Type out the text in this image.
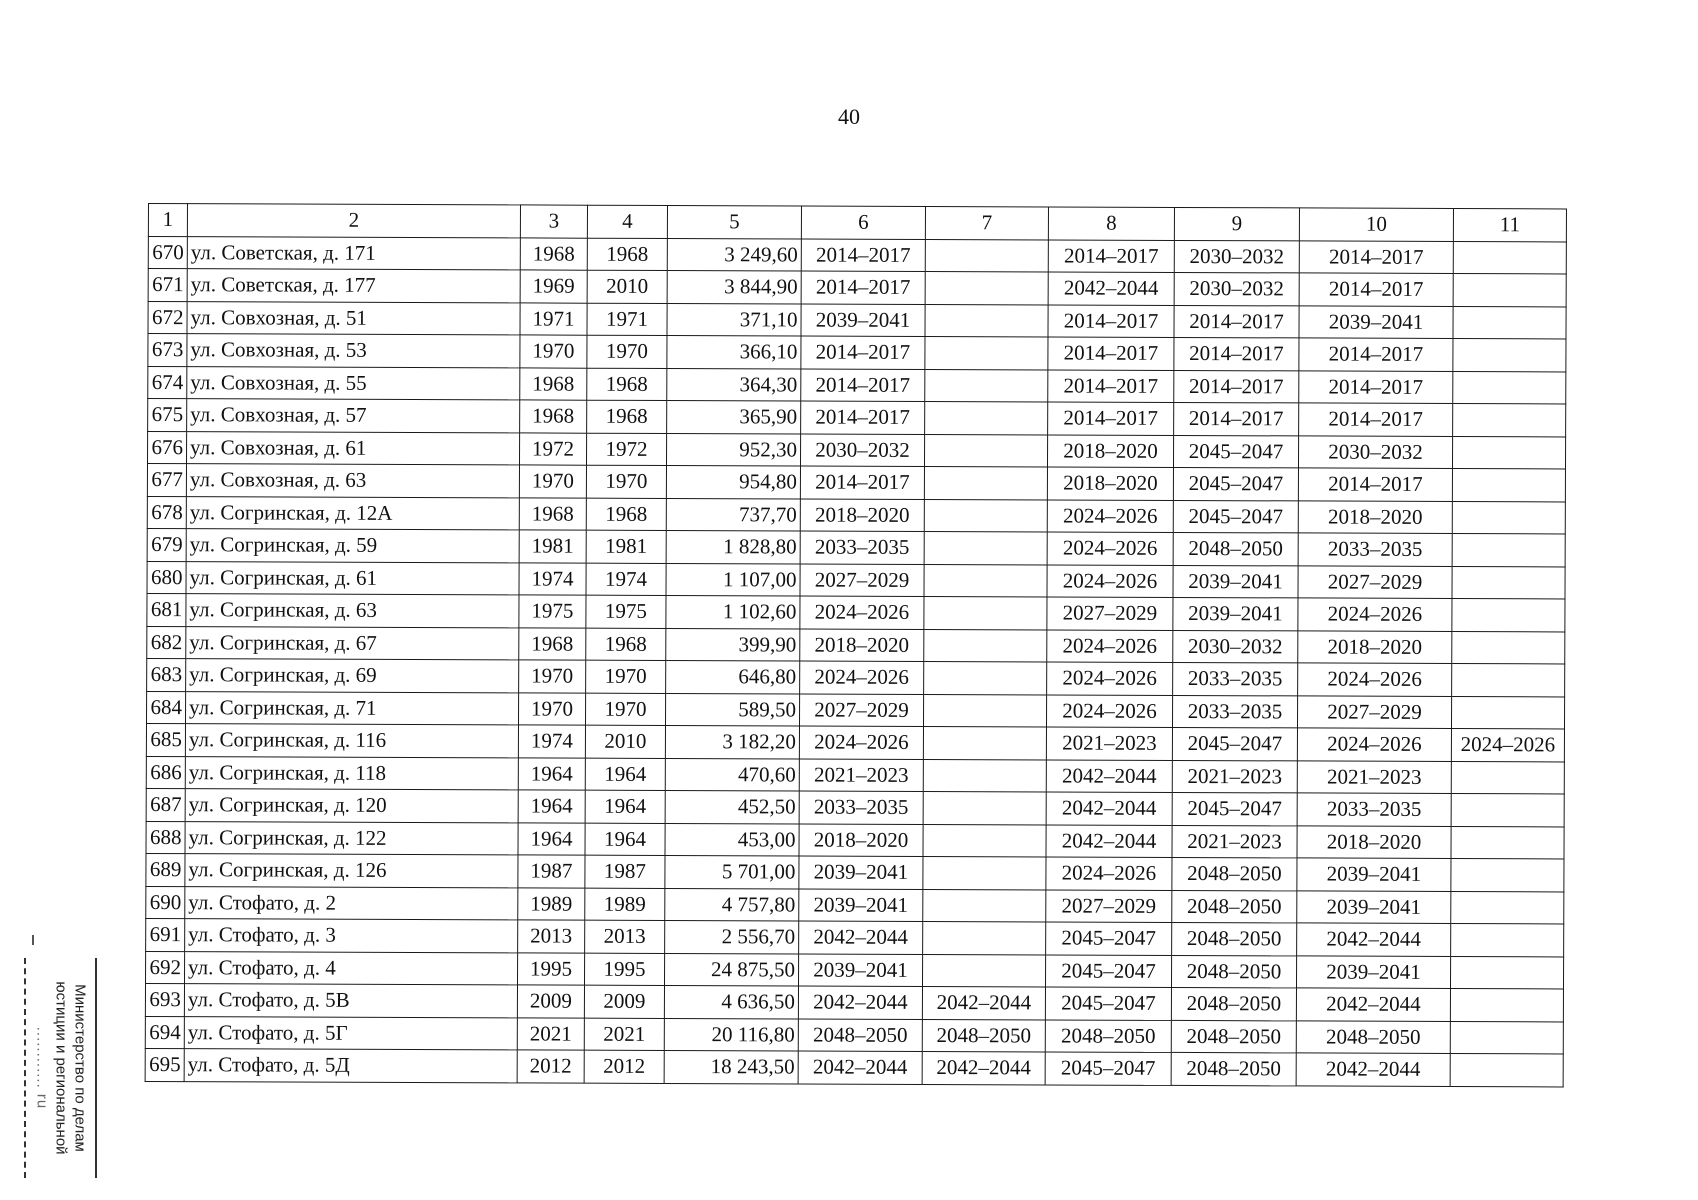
40
1	2	3	4	5	6	7	8	9	10	11
670	ул. Советская, д. 171	1968	1968	3 249,60	2014–2017		2014–2017	2030–2032	2014–2017	
671	ул. Советская, д. 177	1969	2010	3 844,90	2014–2017		2042–2044	2030–2032	2014–2017	
672	ул. Совхозная, д. 51	1971	1971	371,10	2039–2041		2014–2017	2014–2017	2039–2041	
673	ул. Совхозная, д. 53	1970	1970	366,10	2014–2017		2014–2017	2014–2017	2014–2017	
674	ул. Совхозная, д. 55	1968	1968	364,30	2014–2017		2014–2017	2014–2017	2014–2017	
675	ул. Совхозная, д. 57	1968	1968	365,90	2014–2017		2014–2017	2014–2017	2014–2017	
676	ул. Совхозная, д. 61	1972	1972	952,30	2030–2032		2018–2020	2045–2047	2030–2032	
677	ул. Совхозная, д. 63	1970	1970	954,80	2014–2017		2018–2020	2045–2047	2014–2017	
678	ул. Согринская, д. 12А	1968	1968	737,70	2018–2020		2024–2026	2045–2047	2018–2020	
679	ул. Согринская, д. 59	1981	1981	1 828,80	2033–2035		2024–2026	2048–2050	2033–2035	
680	ул. Согринская, д. 61	1974	1974	1 107,00	2027–2029		2024–2026	2039–2041	2027–2029	
681	ул. Согринская, д. 63	1975	1975	1 102,60	2024–2026		2027–2029	2039–2041	2024–2026	
682	ул. Согринская, д. 67	1968	1968	399,90	2018–2020		2024–2026	2030–2032	2018–2020	
683	ул. Согринская, д. 69	1970	1970	646,80	2024–2026		2024–2026	2033–2035	2024–2026	
684	ул. Согринская, д. 71	1970	1970	589,50	2027–2029		2024–2026	2033–2035	2027–2029	
685	ул. Согринская, д. 116	1974	2010	3 182,20	2024–2026		2021–2023	2045–2047	2024–2026	2024–2026
686	ул. Согринская, д. 118	1964	1964	470,60	2021–2023		2042–2044	2021–2023	2021–2023	
687	ул. Согринская, д. 120	1964	1964	452,50	2033–2035		2042–2044	2045–2047	2033–2035	
688	ул. Согринская, д. 122	1964	1964	453,00	2018–2020		2042–2044	2021–2023	2018–2020	
689	ул. Согринская, д. 126	1987	1987	5 701,00	2039–2041		2024–2026	2048–2050	2039–2041	
690	ул. Стофато, д. 2	1989	1989	4 757,80	2039–2041		2027–2029	2048–2050	2039–2041	
691	ул. Стофато, д. 3	2013	2013	2 556,70	2042–2044		2045–2047	2048–2050	2042–2044	
692	ул. Стофато, д. 4	1995	1995	24 875,50	2039–2041		2045–2047	2048–2050	2039–2041	
693	ул. Стофато, д. 5В	2009	2009	4 636,50	2042–2044	2042–2044	2045–2047	2048–2050	2042–2044	
694	ул. Стофато, д. 5Г	2021	2021	20 116,80	2048–2050	2048–2050	2048–2050	2048–2050	2048–2050	
695	ул. Стофато, д. 5Д	2012	2012	18 243,50	2042–2044	2042–2044	2045–2047	2048–2050	2042–2044	
Министерство по делам
юстиции и региональной
............ ru
